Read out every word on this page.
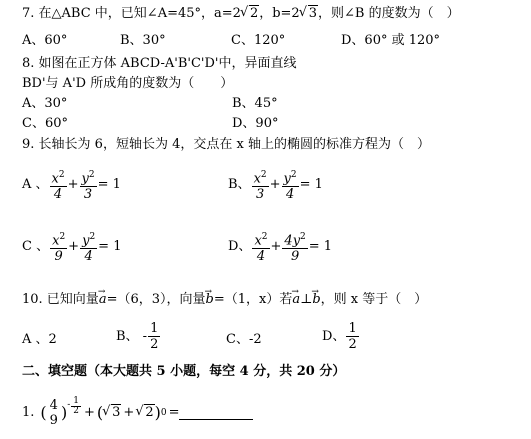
7. 在△ABC 中，已知∠A=45°，a=2 √ 2，b=2 √ 3，则∠B 的度数为（　）
A、60°	B、30°	C、120°	D、60° 或 120°
8. 如图在正方体 ABCD-A'B'C'D'中，异面直线
BD'与 A'D 所成角的度数为（　　）
A、30°	B、45°
C、60°	D、90°
9. 长轴长为 6，短轴长为 4，交点在 x 轴上的椭圆的标准方程为（　）
A 、 $\frac{x^2}{4} + \frac{y^2}{3} = 1$	B、 $\frac{x^2}{3} + \frac{y^2}{4} = 1$
C 、 $\frac{x^2}{9} + \frac{y^2}{4} = 1$	D、 $\frac{x^2}{4} + \frac{4y^2}{9} = 1$
10. 已知向量→ a=（6，3），向量→ b=（1，x）若→ a⊥→ b，则 x 等于（　）
A 、2	B、 - $\frac{1}{2}$	C、-2	D、 $\frac{1}{2}$
二、填空题（本大题共 5 小题，每空 4 分，共 20 分）
1. ( 4
9 ) - $\frac{1}{2}$ + ( √ 3 + √ 2 ) 0 =
